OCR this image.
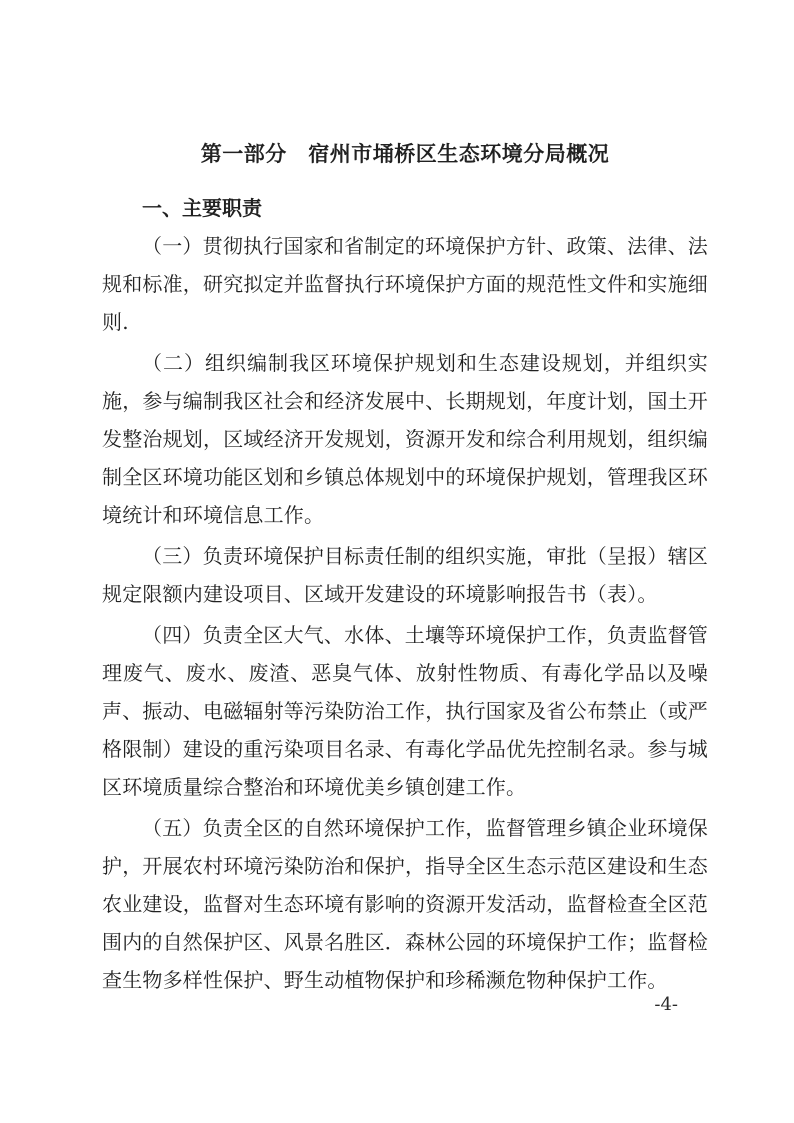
第一部分　宿州市埇桥区生态环境分局概况
一、主要职责

（一）贯彻执行国家和省制定的环境保护方针、政策、法律、法规和标准，研究拟定并监督执行环境保护方面的规范性文件和实施细则.

（二）组织编制我区环境保护规划和生态建设规划，并组织实施，参与编制我区社会和经济发展中、长期规划，年度计划，国土开发整治规划，区域经济开发规划，资源开发和综合利用规划，组织编制全区环境功能区划和乡镇总体规划中的环境保护规划，管理我区环境统计和环境信息工作。

（三）负责环境保护目标责任制的组织实施，审批（呈报）辖区规定限额内建设项目、区域开发建设的环境影响报告书（表）。

（四）负责全区大气、水体、土壤等环境保护工作，负责监督管理废气、废水、废渣、恶臭气体、放射性物质、有毒化学品以及噪声、振动、电磁辐射等污染防治工作，执行国家及省公布禁止（或严格限制）建设的重污染项目名录、有毒化学品优先控制名录。参与城区环境质量综合整治和环境优美乡镇创建工作。

（五）负责全区的自然环境保护工作，监督管理乡镇企业环境保护，开展农村环境污染防治和保护，指导全区生态示范区建设和生态农业建设，监督对生态环境有影响的资源开发活动，监督检查全区范围内的自然保护区、风景名胜区．森林公园的环境保护工作；监督检查生物多样性保护、野生动植物保护和珍稀濒危物种保护工作。

-4-
